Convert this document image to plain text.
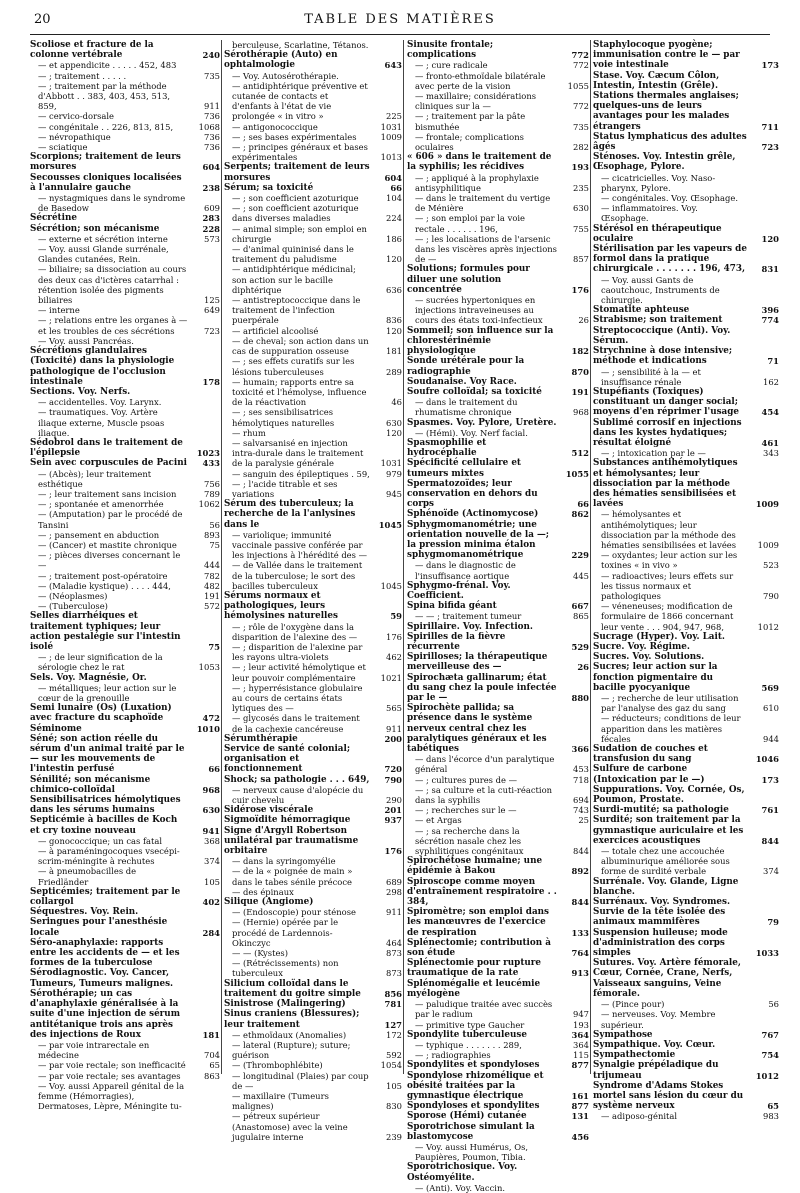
20	TABLE DES MATIÈRES
Scoliose et fracture de la colonne vertébrale	240
— et appendicite . . . . . 452, 483
— ; traitement . . . . .	735
— ; traitement par la méthode d'Abbott . . 383, 403, 453, 513, 859,	911
— cervico-dorsale	736
— congénitale . . 226, 813, 815,	1068
— névropathique	736
— sciatique	736
Scorpions; traitement de leurs morsures	604
Secousses cloniques localisées à l'annulaire gauche	238
— nystagmiques dans le syndrome de Basedow	609
Sécrétine	283
Sécrétion; son mécanisme	228
— externe et sécrétion interne	573
— Voy. aussi Glande surrénale, Glandes cutanées, Rein.
— biliaire; sa dissociation au cours des deux cas d'ictères catarrhal : rétention isolée des pigments biliaires	125
— interne	649
— ; relations entre les organes à — et les troubles de ces sécrétions	723
— Voy. aussi Pancréas.
Sécrétions glandulaires (Toxicité) dans la physiologie pathologique de l'occlusion intestinale	178
Sections. Voy. Nerfs.
— accidentelles. Voy. Larynx.
— traumatiques. Voy. Artère iliaque externe, Muscle psoas iliaque.
Sédobrol dans le traitement de l'épilepsie	1023
Sein avec corpuscules de Pacini	433
— (Abcès); leur traitement esthétique	756
— ; leur traitement sans incision	789
— ; spontanée et amenorrhée	1062
— (Amputation) par le procédé de Tansini	56
— ; pansement en abduction	893
— (Cancer) et mastite chronique	75
— ; pièces diverses concernant le —	444
— ; traitement post-opératoire	782
— (Maladie kystique) . . . . 444,	482
— (Néoplasmes)	191
— (Tuberculose)	572
Selles diarrhéiques et traitement typhiques; leur action pestalégie sur l'intestin isolé	75
— ; de leur signification de la sérologie chez le rat	1053
Sels. Voy. Magnésie, Or.
— métalliques; leur action sur le cœur de la grenouille
Semi lunaire (Os) (Luxation) avec fracture du scaphoïde	472
Séminome	1010
Séné; son action réelle du sérum d'un animal traité par le — sur les mouvements de l'intestin perfusé	66
Sénilité; son mécanisme chimico-colloïdal	968
Sensibilisatrices hémolytiques dans les sérums humains	630
Septicémie à bacilles de Koch et cry toxine nouveau	941
— gonococcique; un cas fatal	368
— à paraméningocoques vsecépi-scrim-méningite à rechutes	374
— à pneumobacilles de Friedländer	105
Septicémies; traitement par le collargol	402
Séquestres. Voy. Rein.
Seringues pour l'anesthésie locale	284
Séro-anaphylaxie: rapports entre les accidents de — et les formes de la tuberculose
Sérodiagnostic. Voy. Cancer, Tumeurs, Tumeurs malignes.
Sérothérapie; un cas d'anaphylaxie généralisée à la suite d'une injection de sérum antitétanique trois ans après des injections de Roux	181
— par voie intrarectale en médecine	704
— par voie rectale; son inefficacité	65
— par voie rectale; ses avantages	863
— Voy. aussi Appareil génital de la femme (Hémorragies), Dermatoses, Lèpre, Méningite tu-
berculeuse, Scarlatine, Tétanos.
Sérothérapie (Auto) en ophtalmologie	643
— Voy. Autosérothérapie.
— antidiphtérique préventive et cutanée de contacts et d'enfants à l'état de vie prolongée « in vitro »	225
— antigonococcique	1031
— ; ses bases expérimentales	1009
— ; principes généraux et bases expérimentales	1013
Serpents; traitement de leurs morsures	604
Sérum; sa toxicité	66
— ; son coefficient azoturique	104
— ; son coefficient azoturique dans diverses maladies	224
— animal simple; son emploi en chirurgie	186
— d'animal quininisé dans le traitement du paludisme	120
— antidiphtérique médicinal; son action sur le bacille diphtérique	636
— antistreptococcique dans le traitement de l'infection puerpérale	836
— artificiel alcoolisé	120
— de cheval; son action dans un cas de suppuration osseuse	181
— ; ses effets curatifs sur les lésions tuberculeuses	289
— humain; rapports entre sa toxicité et l'hémolyse, influence de la réactivation	46
— ; ses sensibilisatrices hémolytiques naturelles	630
— rhum	120
— salvarsanisé en injection intra-durale dans le traitement de la paralysie générale	1031
— sanguin des épileptiques . 59,	979
— ; l'acide titrable et ses variations	945
Sérum des tuberculeux; la recherche de la l'anlysines dans le	1045
— variolique; immunité vaccinale passive conférée par les injections à l'hérédité des —
— de Vallée dans le traitement de la tuberculose; le sort des bacilles tuberculeux	1045
Sérums normaux et pathologiques, leurs hémolysines naturelles	59
— ; rôle de l'oxygène dans la disparition de l'alexine des —	176
— ; disparition de l'alexine par les rayons ultra-violets	462
— ; leur activité hémolytique et leur pouvoir complémentaire	1021
— ; hyperrésistance globulaire au cours de certains états lytiques des —	565
— glycosés dans le traitement de la cachexie cancéreuse	911
Sérumthérapie	200
Service de santé colonial; organisation et fonctionnement	720
Shock; sa pathologie . . . 649,	790
— nerveux cause d'alopécie du cuir chevelu	290
Sidérose viscérale	201
Sigmoïdite hémorragique	937
Signe d'Argyll Robertson unilatéral par traumatisme orbitaire	176
— dans la syringomyélie
— de la « poignée de main » dans le tabes sénile précoce	689
— des épinaux	298
Silique (Angiome)
— (Endoscopie) pour sténose	911
— (Hernie) opérée par le procédé de Lardennois-Okinczyc	464
— — (Kystes)	873
— (Rétrécissements) non tuberculeux	873
Silicium colloïdal dans le traitement du goitre simple	856
Sinistrose (Malingering)	781
Sinus craniens (Blessures); leur traitement	127
— ethmoïdaux (Anomalies)	172
— lateral (Rupture); suture; guérison	592
— (Thrombophlébite)	1054
— longitudinal (Plaies) par coup de —	105
— maxillaire (Tumeurs malignes)	830
— pétreux supérieur (Anastomose) avec la veine jugulaire interne	239
Sinusite frontale; complications	772
— ; cure radicale	772
— fronto-ethmoïdale bilatérale avec perte de la vision	1055
— maxillaire; considérations cliniques sur la —	772
— ; traitement par la pâte bismuthée	735
— frontale; complications oculaires	282
« 606 » dans le traitement de la syphilis; les récidives	193
— ; appliqué à la prophylaxie antisyphilitique	235
— dans le traitement du vertige de Ménière	630
— ; son emploi par la voie rectale . . . . . . 196,	755
— ; les localisations de l'arsenic dans les viscères après injections de —	857
Solutions; formules pour diluer une solution concentrée	176
— sucrées hypertoniques en injections intraveineuses au cours des états toxi-infectieux	26
Sommeil; son influence sur la chlorestérinémie physiologique	182
Sonde urétérale pour la radiographie	870
Soudanaise. Voy Race.
Soufre colloïdal; sa toxicité	191
— dans le traitement du rhumatisme chronique	968
Spasmes. Voy. Pylore, Uretère.
— (Hémi). Voy. Nerf facial.
Spasmophilie et hydrocéphalie	512
Spécificité cellulaire et tumeurs mixtes	1055
Spermatozoïdes; leur conservation en dehors du corps	66
Sphénoïde (Actinomycose)	862
Sphygmomanométrie; une orientation nouvelle de la —; la pression minima étalon sphygmomanométrique	229
— dans le diagnostic de l'insuffisance aortique	445
Sphygmo-frénal. Voy. Coefficient.
Spina bifida géant	667
— — ; traitement tumeur	865
Spirillaire. Voy. Infection.
Spirilles de la fièvre récurrente	529
Spirilloses; la thérapeutique merveilleuse des —	26
Spirochæta gallinarum; état du sang chez la poule infectée par le —	880
Spirochète pallida; sa présence dans le système nerveux central chez les paralytiques généraux et les tabétiques	366
— dans l'écorce d'un paralytique général	453
— ; cultures pures de —	718
— ; sa culture et la cuti-réaction dans la syphilis	694
— ; recherches sur le —	743
— et Argas	25
— ; sa recherche dans la sécrétion nasale chez les syphilitiques congénitaux	844
Spirochétose humaine; une épidémie à Bakou	892
Spiroscope comme moyen d'entraînement respiratoire . . 384,	844
Spiromètre; son emploi dans les manœuvres de l'exercice de respiration	133
Splénectomie; contribution à son étude	764
Splénectomie pour rupture traumatique de la rate	913
Splénomégalie et leucémie myélogène
— paludique traitée avec succès par le radium	947
— primitive type Gaucher	193
Spondylite tuberculeuse	364
— typhique . . . . . . . 289,	364
— ; radiographies	115
Spondylites et spondyloses	877
Spondylose rhizomélique et obésité traitées par la gymnastique électrique	161
Spondyloses et spondylites	877
Sporose (Hémi) cutanée	131
Sporotrichose simulant la blastomycose	456
— Voy. aussi Humérus, Os, Paupières, Poumon, Tibia.
Sporotrichosique. Voy. Ostéomyélite.
— (Anti). Voy. Vaccin.
Staphylocoque pyogène; immunisation contre le — par voie intestinale	173
Stase. Voy. Cæcum Côlon, Intestin, Intestin (Grêle).
Stations thermales anglaises; quelques-uns de leurs avantages pour les malades étrangers	711
Status lymphaticus des adultes âgés	723
Sténoses. Voy. Intestin grêle, Œsophage, Pylore.
— cicatricielles. Voy. Naso-pharynx, Pylore.
— congénitales. Voy. Œsophage.
— inflammatoires. Voy. Œsophage.
Stérésol en thérapeutique oculaire	120
Stérilisation par les vapeurs de formol dans la pratique chirurgicale . . . . . . . 196, 473,	831
— Voy. aussi Gants de caoutchouc, Instruments de chirurgie.
Stomatite aphteuse	396
Strabisme; son traitement	774
Streptococcique (Anti). Voy. Sérum.
Strychnine à dose intensive; méthode et indications	71
— ; sensibilité à la — et insuffisance rénale	162
Stupéfiants (Toxiques) constituant un danger social; moyens d'en réprimer l'usage	454
Sublimé corrosif en injections dans les kystes hydatiques; résultat éloigné	461
— ; intoxication par le —	343
Substances antihémolytiques et hémolysantes; leur dissociation par la méthode des hématies sensibilisées et lavées	1009
— hémolysantes et antihémolytiques; leur dissociation par la méthode des hématies sensibilisées et lavées	1009
— oxydantes; leur action sur les toxines « in vivo »	523
— radioactives; leurs effets sur les tissus normaux et pathologiques	790
— véneneuses; modification de formulaire de 1866 concernant leur vente . . . 904, 947, 968,	1012
Sucrage (Hyper). Voy. Lait.
Sucre. Voy. Régime.
Sucres. Voy. Solutions.
Sucres; leur action sur la fonction pigmentaire du bacille pyocyanique	569
— ; recherche de leur utilisation par l'analyse des gaz du sang	610
— réducteurs; conditions de leur apparition dans les matières fécales	944
Sudation de couches et transfusion du sang	1046
Sulfure de carbone (Intoxication par le —)	173
Suppurations. Voy. Cornée, Os, Poumon, Prostate.
Surdi-mutité; sa pathologie	761
Surdité; son traitement par la gymnastique auriculaire et les exercices acoustiques	844
— totale chez une accouchée albuminurique améliorée sous forme de surdité verbale	374
Surrénale. Voy. Glande, Ligne blanche.
Surrénaux. Voy. Syndromes.
Survie de la tête isolée des animaux mammifères	79
Suspension huileuse; mode d'administration des corps simples	1033
Sutures. Voy. Artère fémorale, Cœur, Cornée, Crane, Nerfs, Vaisseaux sanguins, Veine fémorale.
— (Pince pour)	56
— nerveuses. Voy. Membre supérieur.
Sympathose	767
Sympathique. Voy. Cœur.
Sympathectomie	754
Synalgie prépéladique du trijumeau	1012
Syndrome d'Adams Stokes mortel sans lésion du cœur du système nerveux	65
— adiposo-génital	983
